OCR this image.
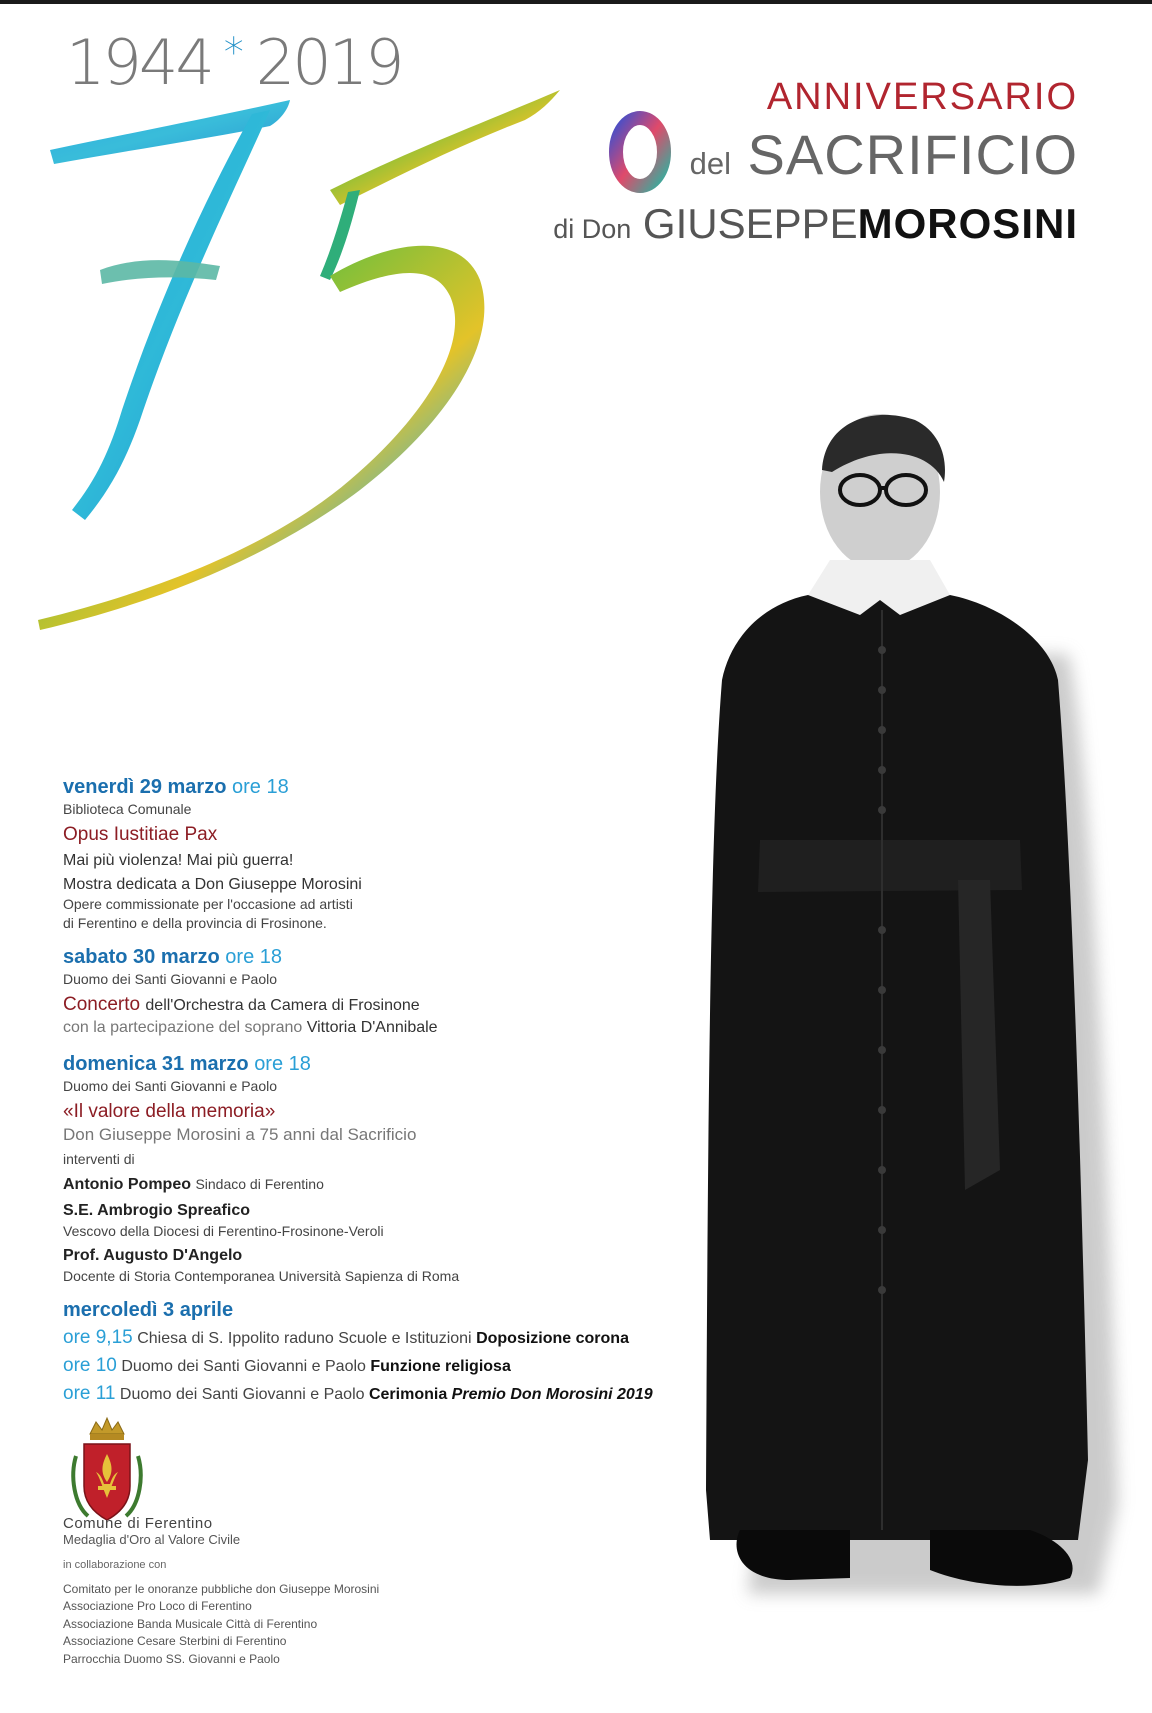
1944 * 2019	ANNIVERSARIO
del SACRIFICIO
di Don GIUSEPPEMOROSINI
venerdì 29 marzo ore 18
Biblioteca Comunale
Opus Iustitiae Pax
Mai più violenza! Mai più guerra!
Mostra dedicata a Don Giuseppe Morosini
Opere commissionate per l'occasione ad artisti
di Ferentino e della provincia di Frosinone.
sabato 30 marzo ore 18
Duomo dei Santi Giovanni e Paolo
Concerto dell'Orchestra da Camera di Frosinone
con la partecipazione del soprano Vittoria D'Annibale
domenica 31 marzo ore 18
Duomo dei Santi Giovanni e Paolo
«Il valore della memoria»
Don Giuseppe Morosini a 75 anni dal Sacrificio
interventi di
Antonio Pompeo Sindaco di Ferentino
S.E. Ambrogio Spreafico
Vescovo della Diocesi di Ferentino-Frosinone-Veroli
Prof. Augusto D'Angelo
Docente di Storia Contemporanea Università Sapienza di Roma
mercoledì 3 aprile
ore 9,15 Chiesa di S. Ippolito raduno Scuole e Istituzioni Doposizione corona
ore 10 Duomo dei Santi Giovanni e Paolo Funzione religiosa
ore 11 Duomo dei Santi Giovanni e Paolo Cerimonia Premio Don Morosini 2019
Comune di Ferentino
Medaglia d'Oro al Valore Civile
in collaborazione con
Comitato per le onoranze pubbliche don Giuseppe Morosini
Associazione Pro Loco di Ferentino
Associazione Banda Musicale Città di Ferentino
Associazione Cesare Sterbini di Ferentino
Parrocchia Duomo SS. Giovanni e Paolo
